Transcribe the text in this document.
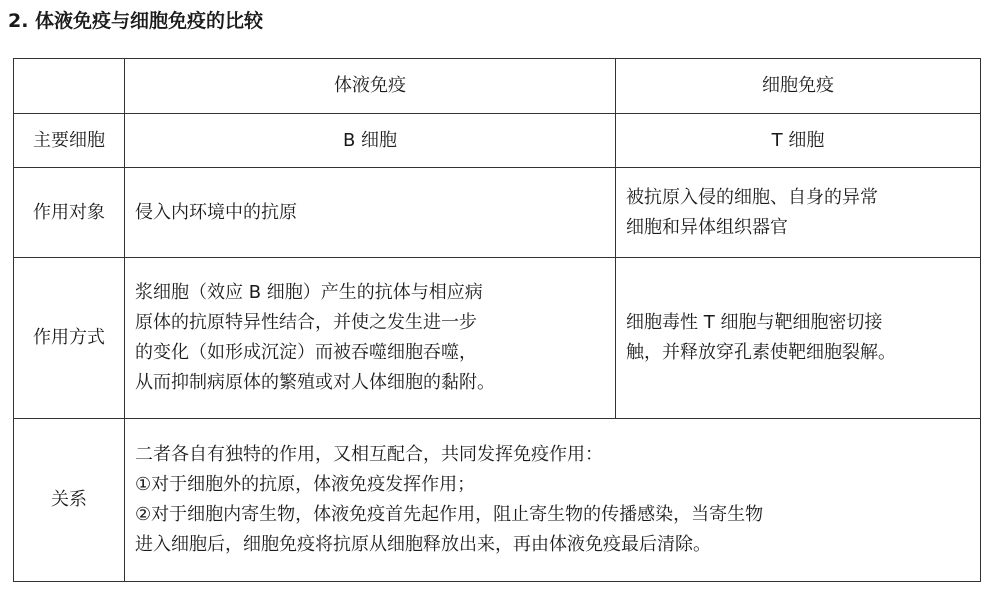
2. 体液免疫与细胞免疫的比较
	体液免疫	细胞免疫
主要细胞	B 细胞	T 细胞

作用对象	侵入内环境中的抗原	被抗原入侵的细胞、自身的异常
细胞和异体组织器官

作用方式	浆细胞（效应 B 细胞）产生的抗体与相应病
原体的抗原特异性结合，并使之发生进一步
的变化（如形成沉淀）而被吞噬细胞吞噬，
从而抑制病原体的繁殖或对人体细胞的黏附。	细胞毒性 T 细胞与靶细胞密切接
触，并释放穿孔素使靶细胞裂解。

关系	二者各自有独特的作用，又相互配合，共同发挥免疫作用：
①对于细胞外的抗原，体液免疫发挥作用；
②对于细胞内寄生物，体液免疫首先起作用，阻止寄生物的传播感染，当寄生物
进入细胞后，细胞免疫将抗原从细胞释放出来，再由体液免疫最后清除。	
